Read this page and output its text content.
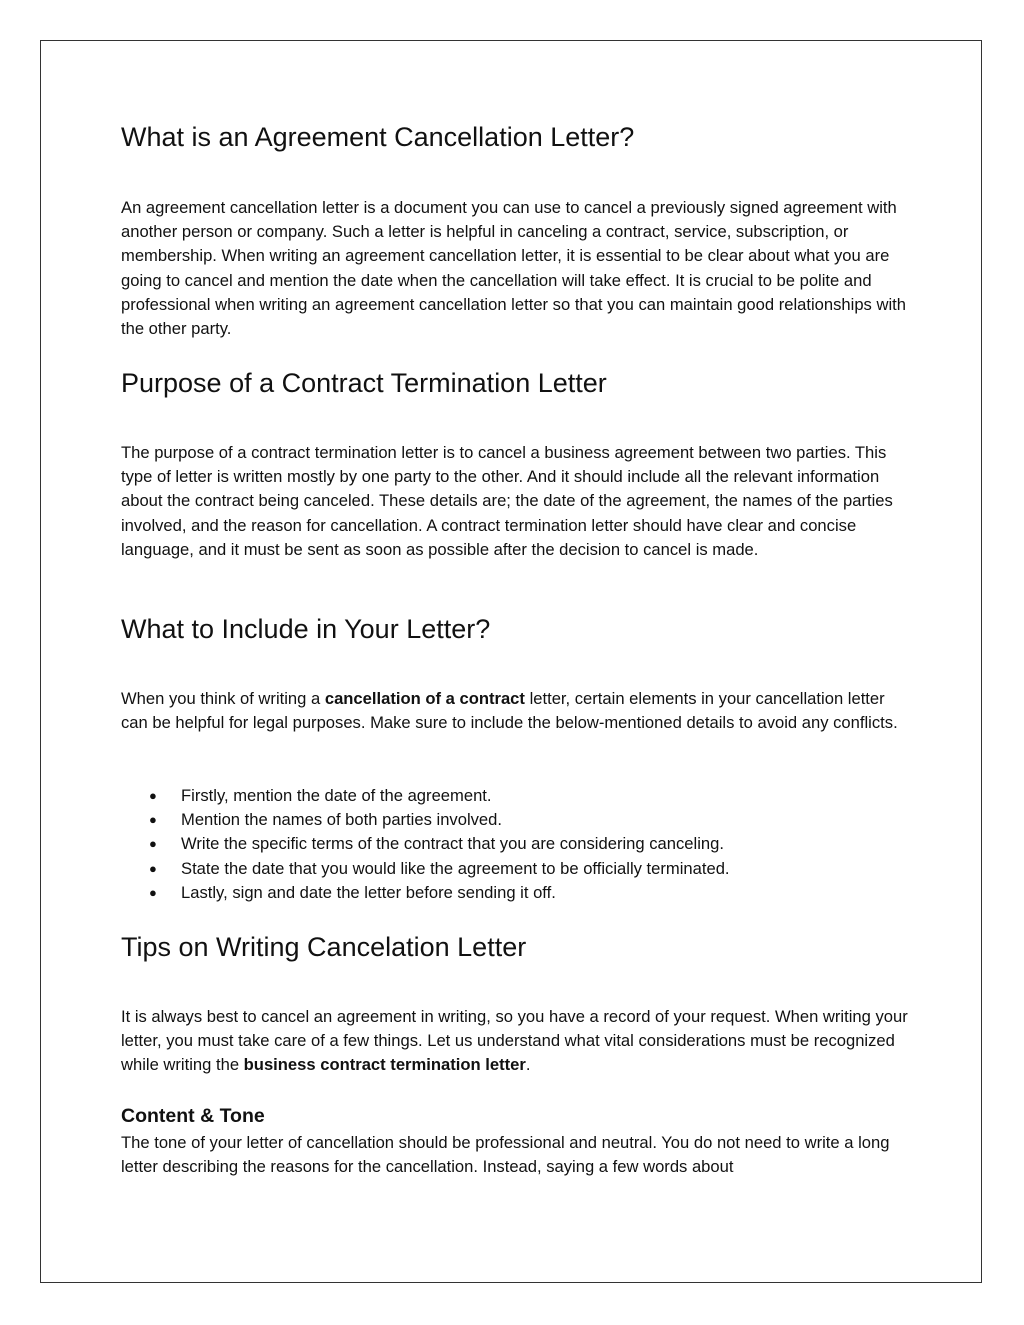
What is an Agreement Cancellation Letter?

An agreement cancellation letter is a document you can use to cancel a previously signed agreement with another person or company. Such a letter is helpful in canceling a contract, service, subscription, or membership. When writing an agreement cancellation letter, it is essential to be clear about what you are going to cancel and mention the date when the cancellation will take effect. It is crucial to be polite and professional when writing an agreement cancellation letter so that you can maintain good relationships with the other party.

Purpose of a Contract Termination Letter

The purpose of a contract termination letter is to cancel a business agreement between two parties. This type of letter is written mostly by one party to the other. And it should include all the relevant information about the contract being canceled. These details are; the date of the agreement, the names of the parties involved, and the reason for cancellation. A contract termination letter should have clear and concise language, and it must be sent as soon as possible after the decision to cancel is made.

What to Include in Your Letter?

When you think of writing a cancellation of a contract letter, certain elements in your cancellation letter can be helpful for legal purposes. Make sure to include the below-mentioned details to avoid any conflicts.

● Firstly, mention the date of the agreement.
● Mention the names of both parties involved.
● Write the specific terms of the contract that you are considering canceling.
● State the date that you would like the agreement to be officially terminated.
● Lastly, sign and date the letter before sending it off.
Tips on Writing Cancelation Letter

It is always best to cancel an agreement in writing, so you have a record of your request. When writing your letter, you must take care of a few things. Let us understand what vital considerations must be recognized while writing the business contract termination letter.

Content & Tone

The tone of your letter of cancellation should be professional and neutral. You do not need to write a long letter describing the reasons for the cancellation. Instead, saying a few words about
